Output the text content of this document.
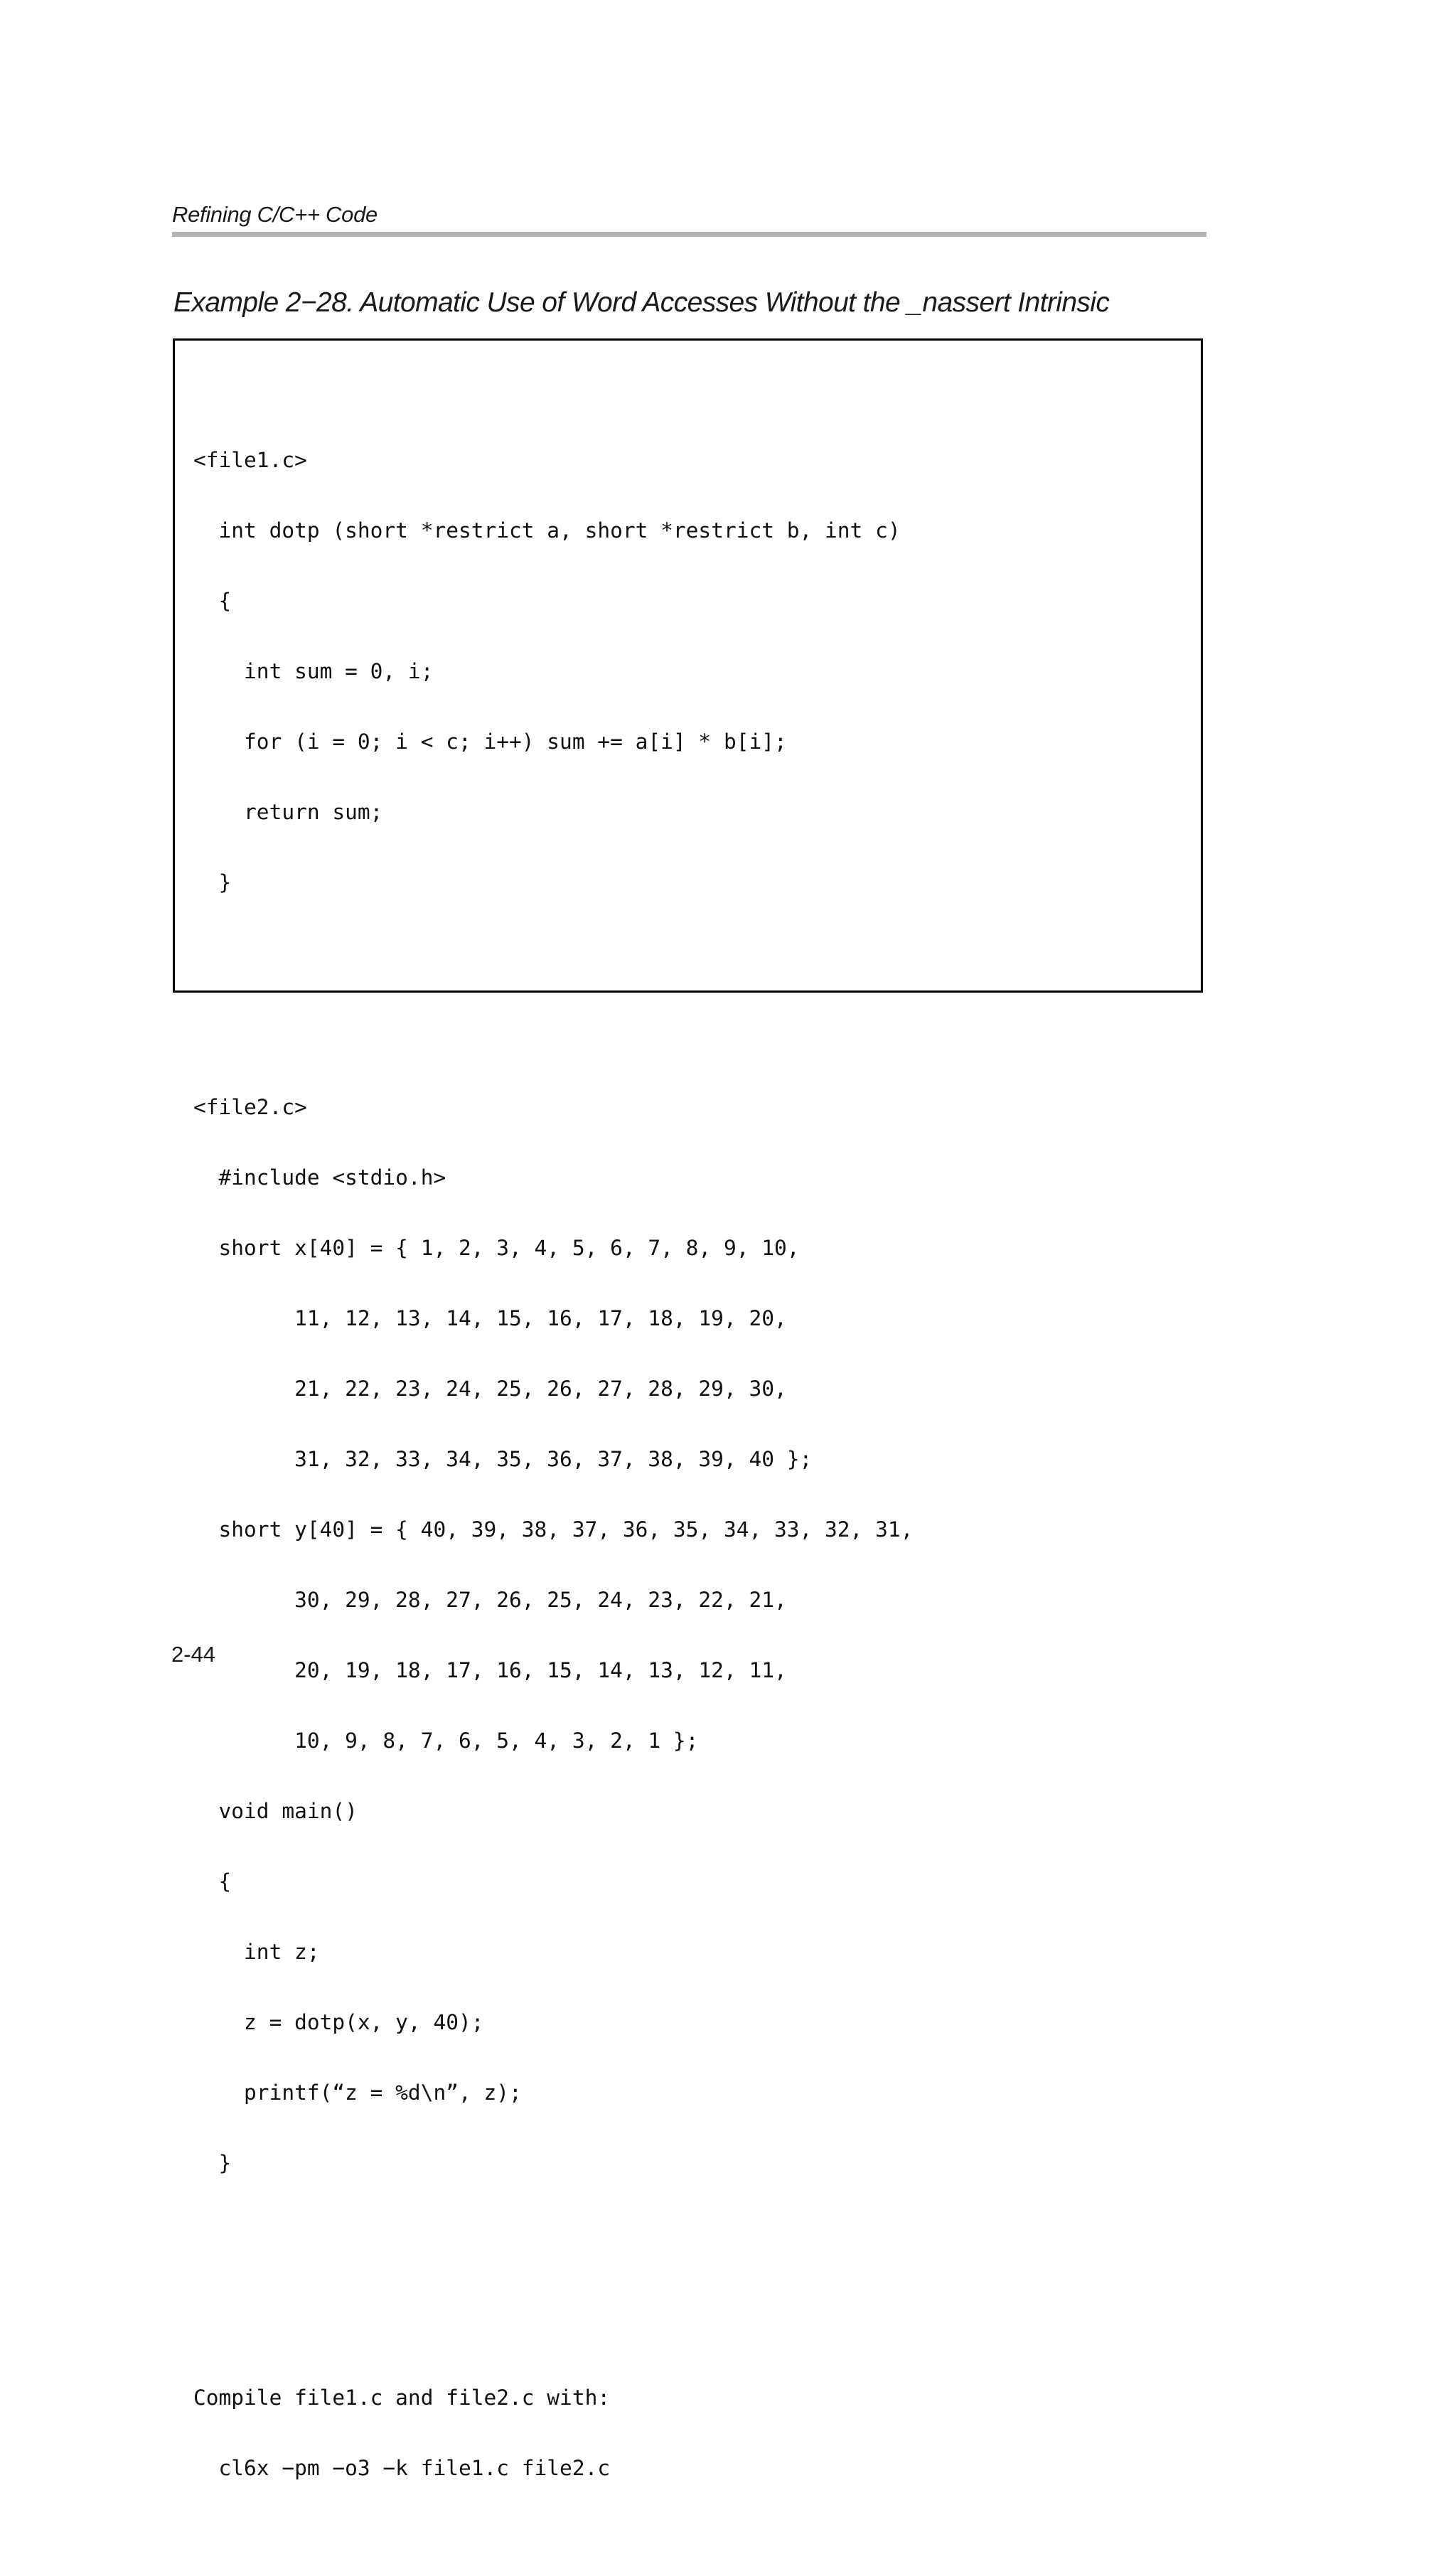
Refining C/C++ Code
Example 2−28. Automatic Use of Word Accesses Without the _nassert Intrinsic

<file1.c>

int dotp (short *restrict a, short *restrict b, int c)

{

int sum = 0, i;

for (i = 0; i < c; i++) sum += a[i] * b[i];

return sum;

}

<file2.c>

#include <stdio.h>

short x[40] = { 1, 2, 3, 4, 5, 6, 7, 8, 9, 10,

11, 12, 13, 14, 15, 16, 17, 18, 19, 20,

21, 22, 23, 24, 25, 26, 27, 28, 29, 30,

31, 32, 33, 34, 35, 36, 37, 38, 39, 40 };

short y[40] = { 40, 39, 38, 37, 36, 35, 34, 33, 32, 31,

30, 29, 28, 27, 26, 25, 24, 23, 22, 21,

20, 19, 18, 17, 16, 15, 14, 13, 12, 11,

10, 9, 8, 7, 6, 5, 4, 3, 2, 1 };

void main()

{

int z;

z = dotp(x, y, 40);

printf(“z = %d\n”, z);

}

Compile file1.c and file2.c with:

cl6x −pm −o3 −k file1.c file2.c

2-44
